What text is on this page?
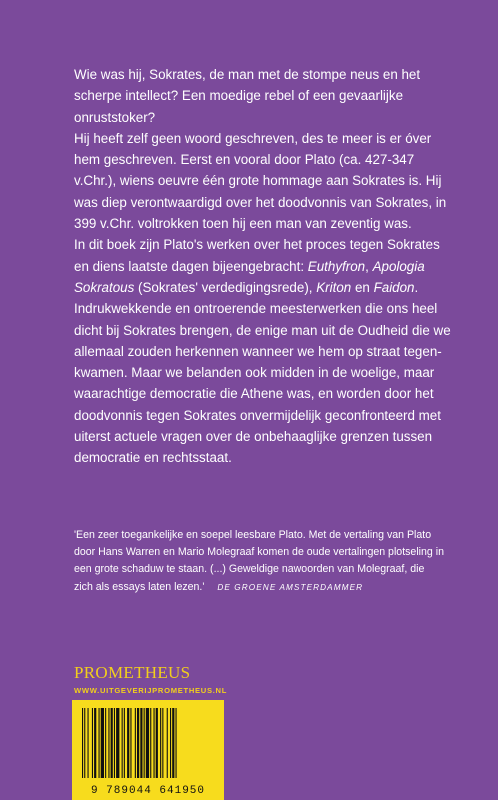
Wie was hij, Sokrates, de man met de stompe neus en het scherpe intellect? Een moedige rebel of een gevaarlijke onruststoker?

Hij heeft zelf geen woord geschreven, des te meer is er óver hem geschreven. Eerst en vooral door Plato (ca. 427-347 v.Chr.), wiens oeuvre één grote hommage aan Sokrates is. Hij was diep verontwaardigd over het doodvonnis van Sokrates, in 399 v.Chr. voltrokken toen hij een man van zeventig was.

In dit boek zijn Plato's werken over het proces tegen Sokrates en diens laatste dagen bijeengebracht: Euthyfron, Apologia Sokratous (Sokrates' verdedigingsrede), Kriton en Faidon. Indrukwekkende en ontroerende meesterwerken die ons heel dicht bij Sokrates brengen, de enige man uit de Oudheid die we allemaal zouden herkennen wanneer we hem op straat tegenkwamen. Maar we belanden ook midden in de woelige, maar waarachtige democratie die Athene was, en worden door het doodvonnis tegen Sokrates onvermijdelijk geconfronteerd met uiterst actuele vragen over de onbehaaglijke grenzen tussen democratie en rechtsstaat.

'Een zeer toegankelijke en soepel leesbare Plato. Met de vertaling van Plato door Hans Warren en Mario Molegraaf komen de oude vertalingen plotseling in een grote schaduw te staan. (...) Geweldige nawoorden van Molegraaf, die zich als essays laten lezen.' DE GROENE AMSTERDAMMER
PROMETHEUS
WWW.UITGEVERIJPROMETHEUS.NL
9 789044 641950
